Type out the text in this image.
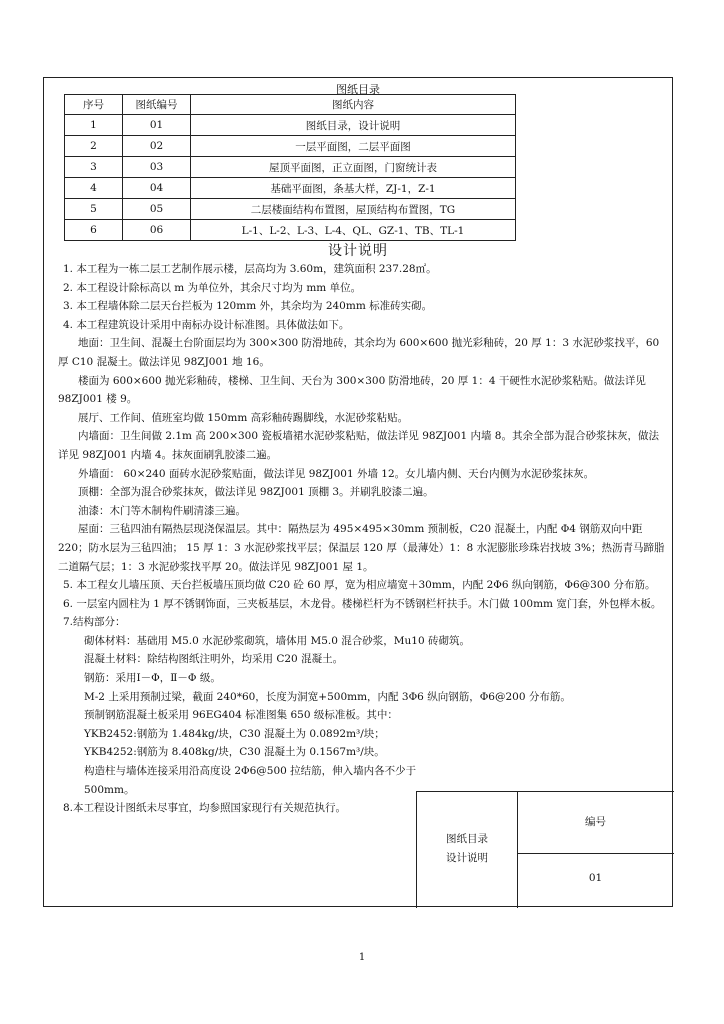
图纸目录
序号	图纸编号	图纸内容
1	01	图纸目录，设计说明
2	02	一层平面图，二层平面图
3	03	屋顶平面图，正立面图，门窗统计表
4	04	基础平面图，条基大样，ZJ-1，Z-1
5	05	二层楼面结构布置图，屋顶结构布置图，TG
6	06	L-1、L-2、L-3、L-4、QL、GZ-1、TB、TL-1
设计说明

1. 本工程为一栋二层工艺制作展示楼，层高均为 3.60m，建筑面积 237.28㎡。

2. 本工程设计除标高以 m 为单位外，其余尺寸均为 mm 单位。

3. 本工程墙体除二层天台拦板为 120mm 外，其余均为 240mm 标准砖实砌。

4. 本工程建筑设计采用中南标办设计标准图。具体做法如下。

地面：卫生间、混凝土台阶面层均为 300×300 防滑地砖，其余均为 600×600 抛光彩釉砖，20 厚 1：3 水泥砂浆找平，60 厚 C10 混凝土。做法详见 98ZJ001 地 16。

楼面为 600×600 抛光彩釉砖，楼梯、卫生间、天台为 300×300 防滑地砖，20 厚 1：4 干硬性水泥砂浆粘贴。做法详见 98ZJ001 楼 9。

展厅、工作间、值班室均做 150mm 高彩釉砖踢脚线，水泥砂浆粘贴。

内墙面：卫生间做 2.1m 高 200×300 瓷板墙裙水泥砂浆粘贴，做法详见 98ZJ001 内墙 8。其余全部为混合砂浆抹灰，做法详见 98ZJ001 内墙 4。抹灰面刷乳胶漆二遍。

外墙面： 60×240 面砖水泥砂浆贴面，做法详见 98ZJ001 外墙 12。女儿墙内侧、天台内侧为水泥砂浆抹灰。

顶棚：全部为混合砂浆抹灰，做法详见 98ZJ001 顶棚 3。并刷乳胶漆二遍。

油漆：木门等木制构件刷清漆三遍。

屋面：三毡四油有隔热层现浇保温层。其中：隔热层为 495×495×30mm 预制板，C20 混凝土，内配 Φ4 钢筋双向中距 220；防水层为三毡四油； 15 厚 1：3 水泥砂浆找平层；保温层 120 厚（最薄处）1：8 水泥膨胀珍珠岩找坡 3%；热沥青马蹄脂二道隔气层；1：3 水泥砂浆找平厚 20。做法详见 98ZJ001 屋 1。

5. 本工程女儿墙压顶、天台拦板墙压顶均做 C20 砼 60 厚，宽为相应墙宽＋30mm，内配 2Φ6 纵向钢筋，Φ6@300 分布筋。

6. 一层室内圆柱为 1 厚不锈钢饰面，三夹板基层，木龙骨。楼梯栏杆为不锈钢栏杆扶手。木门做 100mm 宽门套，外包榉木板。

7.结构部分：

砌体材料：基础用 M5.0 水泥砂浆砌筑，墙体用 M5.0 混合砂浆，Mu10 砖砌筑。

混凝土材料：除结构图纸注明外，均采用 C20 混凝土。

钢筋：采用Ⅰ－Φ，Ⅱ－Φ 级。

M-2 上采用预制过梁，截面 240*60，长度为洞宽+500mm，内配 3Φ6 纵向钢筋，Φ6@200 分布筋。

预制钢筋混凝土板采用 96EG404 标准图集 650 级标准板。其中：

YKB2452:钢筋为 1.484kg/块，C30 混凝土为 0.0892m³/块；

YKB4252:钢筋为 8.408kg/块，C30 混凝土为 0.1567m³/块。

构造柱与墙体连接采用沿高度设 2Φ6@500 拉结筋，伸入墙内各不少于 500mm。

8.本工程设计图纸未尽事宜，均参照国家现行有关规范执行。

图纸目录
设计说明
编号
01
1
